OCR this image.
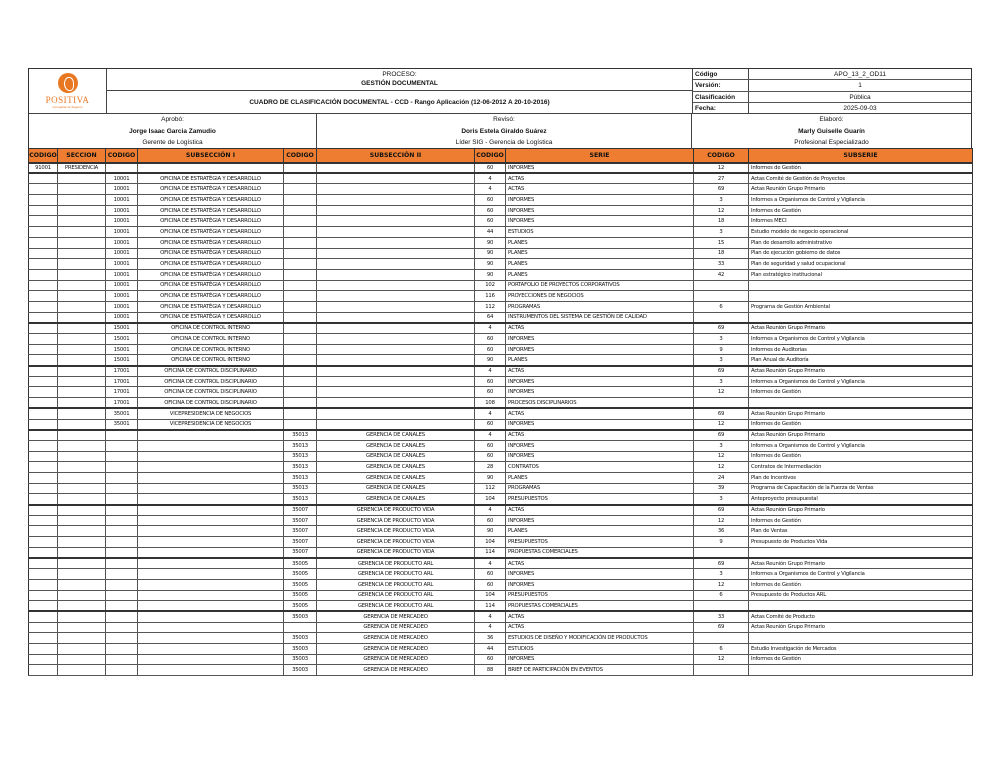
POSITIVA
Compañía de Seguros
PROCESO:
GESTIÓN DOCUMENTAL
CUADRO DE CLASIFICACIÓN DOCUMENTAL - CCD - Rango Aplicación (12-06-2012 A 20-10-2016)
Código	APO_13_2_OD11
Versión:	1
Clasificación	Pública
Fecha:	2025-09-03
Aprobó:
Jorge Isaac Garcia Zamudio
Gerente de Logística
Revisó:
Doris Estela Giraldo Suárez
Líder SIG - Gerencia de Logística
Elaboró:
Marly Guiselle Guarín
Profesional Especializado
CODIGO	SECCION	CODIGO	SUBSECCIÓN I	CODIGO	SUBSECCIÓN II	CODIGO	SERIE	CODIGO	SUBSERIE
91001	PRESIDENCIA					60	INFORMES	12	Informes de Gestión
		10001	OFICINA DE ESTRATÉGIA Y DESARROLLO			4	ACTAS	27	Actas Comité de Gestión de Proyectos
		10001	OFICINA DE ESTRATÉGIA Y DESARROLLO			4	ACTAS	69	Actas Reunión Grupo Primario
		10001	OFICINA DE ESTRATÉGIA Y DESARROLLO			60	INFORMES	3	Informes a Organismos de Control y Vigilancia
		10001	OFICINA DE ESTRATÉGIA Y DESARROLLO			60	INFORMES	12	Informes de Gestión
		10001	OFICINA DE ESTRATÉGIA Y DESARROLLO			60	INFORMES	18	Informes MECI
		10001	OFICINA DE ESTRATÉGIA Y DESARROLLO			44	ESTUDIOS	3	Estudio modelo de negocio operacional
		10001	OFICINA DE ESTRATÉGIA Y DESARROLLO			90	PLANES	15	Plan de desarrollo administrativo
		10001	OFICINA DE ESTRATÉGIA Y DESARROLLO			90	PLANES	18	Plan de ejecución gobierno de datos
		10001	OFICINA DE ESTRATÉGIA Y DESARROLLO			90	PLANES	33	Plan de seguridad y salud ocupacional
		10001	OFICINA DE ESTRATÉGIA Y DESARROLLO			90	PLANES	42	Plan estratégico institucional
		10001	OFICINA DE ESTRATÉGIA Y DESARROLLO			102	PORTAFOLIO DE PROYECTOS CORPORATIVOS		
		10001	OFICINA DE ESTRATÉGIA Y DESARROLLO			116	PROYECCIONES DE NEGOCIOS		
		10001	OFICINA DE ESTRATÉGIA Y DESARROLLO			112	PROGRAMAS	6	Programa de Gestión Ambiental
		10001	OFICINA DE ESTRATÉGIA Y DESARROLLO			64	INSTRUMENTOS DEL SISTEMA DE GESTIÓN DE CALIDAD		
		15001	OFICINA DE CONTROL INTERNO			4	ACTAS	69	Actas Reunión Grupo Primario
		15001	OFICINA DE CONTROL INTERNO			60	INFORMES	3	Informes a Organismos de Control y Vigilancia
		15001	OFICINA DE CONTROL INTERNO			60	INFORMES	9	Informes de Auditorias
		15001	OFICINA DE CONTROL INTERNO			90	PLANES	3	Plan Anual de Auditoría
		17001	OFICINA DE CONTROL DISCIPLINARIO			4	ACTAS	69	Actas Reunión Grupo Primario
		17001	OFICINA DE CONTROL DISCIPLINARIO			60	INFORMES	3	Informes a Organismos de Control y Vigilancia
		17001	OFICINA DE CONTROL DISCIPLINARIO			60	INFORMES	12	Informes de Gestión
		17001	OFICINA DE CONTROL DISCIPLINARIO			108	PROCESOS DISCIPLINARIOS		
		35001	VICEPRESIDENCIA DE NEGOCIOS			4	ACTAS	69	Actas Reunión Grupo Primario
		35001	VICEPRESIDENCIA DE NEGOCIOS			60	INFORMES	12	Informes de Gestión
				35013	GERENCIA DE CANALES	4	ACTAS	69	Actas Reunión Grupo Primario
				35013	GERENCIA DE CANALES	60	INFORMES	3	Informes a Organismos de Control y Vigilancia
				35013	GERENCIA DE CANALES	60	INFORMES	12	Informes de Gestión
				35013	GERENCIA DE CANALES	28	CONTRATOS	12	Contratos de Intermediación
				35013	GERENCIA DE CANALES	90	PLANES	24	Plan de Incentivos
				35013	GERENCIA DE CANALES	112	PROGRAMAS	39	Programa de Capacitación de la Fuerza de Ventas
				35013	GERENCIA DE CANALES	104	PRESUPUESTOS	3	Anteproyecto presupuestal
				35007	GERENCIA DE PRODUCTO VIDA	4	ACTAS	69	Actas Reunión Grupo Primario
				35007	GERENCIA DE PRODUCTO VIDA	60	INFORMES	12	Informes de Gestión
				35007	GERENCIA DE PRODUCTO VIDA	90	PLANES	36	Plan de Ventas
				35007	GERENCIA DE PRODUCTO VIDA	104	PRESUPUESTOS	9	Presupuesto de Productos Vida
				35007	GERENCIA DE PRODUCTO VIDA	114	PROPUESTAS COMERCIALES		
				35005	GERENCIA DE PRODUCTO ARL	4	ACTAS	69	Actas Reunión Grupo Primario
				35005	GERENCIA DE PRODUCTO ARL	60	INFORMES	3	Informes a Organismos de Control y Vigilancia
				35005	GERENCIA DE PRODUCTO ARL	60	INFORMES	12	Informes de Gestión
				35005	GERENCIA DE PRODUCTO ARL	104	PRESUPUESTOS	6	Presupuesto de Productos ARL
				35005	GERENCIA DE PRODUCTO ARL	114	PROPUESTAS COMERCIALES		
				35003	GERENCIA DE MERCADEO	4	ACTAS	33	Actas Comité de Producto
					GERENCIA DE MERCADEO	4	ACTAS	69	Actas Reunión Grupo Primario
				35003	GERENCIA DE MERCADEO	36	ESTUDIOS DE DISEÑO Y MODIFICACIÓN DE PRODUCTOS		
				35003	GERENCIA DE MERCADEO	44	ESTUDIOS	6	Estudio Investigación de Mercados
				35003	GERENCIA DE MERCADEO	60	INFORMES	12	Informes de Gestión
				35003	GERENCIA DE MERCADEO	88	BRIEF DE PARTICIPACIÓN EN EVENTOS		
